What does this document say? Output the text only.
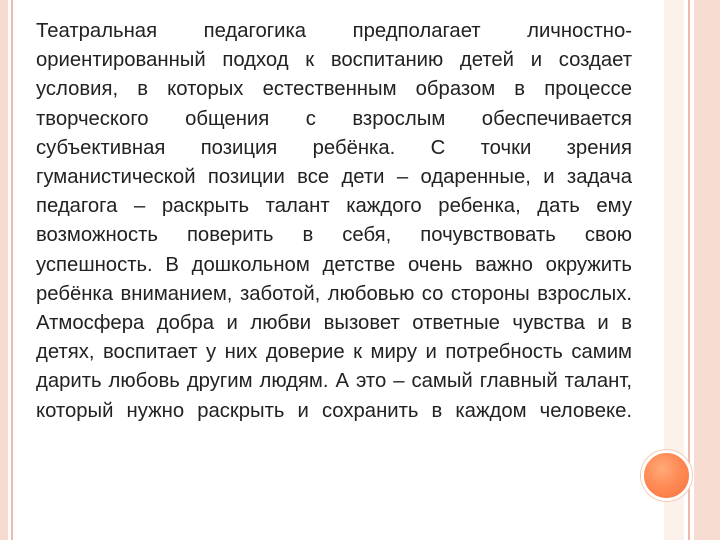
Театральная педагогика предполагает личностно-ориентированный подход к воспитанию детей и создает условия, в которых естественным образом в процессе творческого общения с взрослым обеспечивается субъективная позиция ребёнка. С точки зрения гуманистической позиции все дети – одаренные, и задача педагога – раскрыть талант каждого ребенка, дать ему возможность поверить в себя, почувствовать свою успешность. В дошкольном детстве очень важно окружить ребёнка вниманием, заботой, любовью со стороны взрослых. Атмосфера добра и любви вызовет ответные чувства и в детях, воспитает у них доверие к миру и потребность самим дарить любовь другим людям. А это – самый главный талант, который нужно раскрыть и сохранить в каждом человеке.
